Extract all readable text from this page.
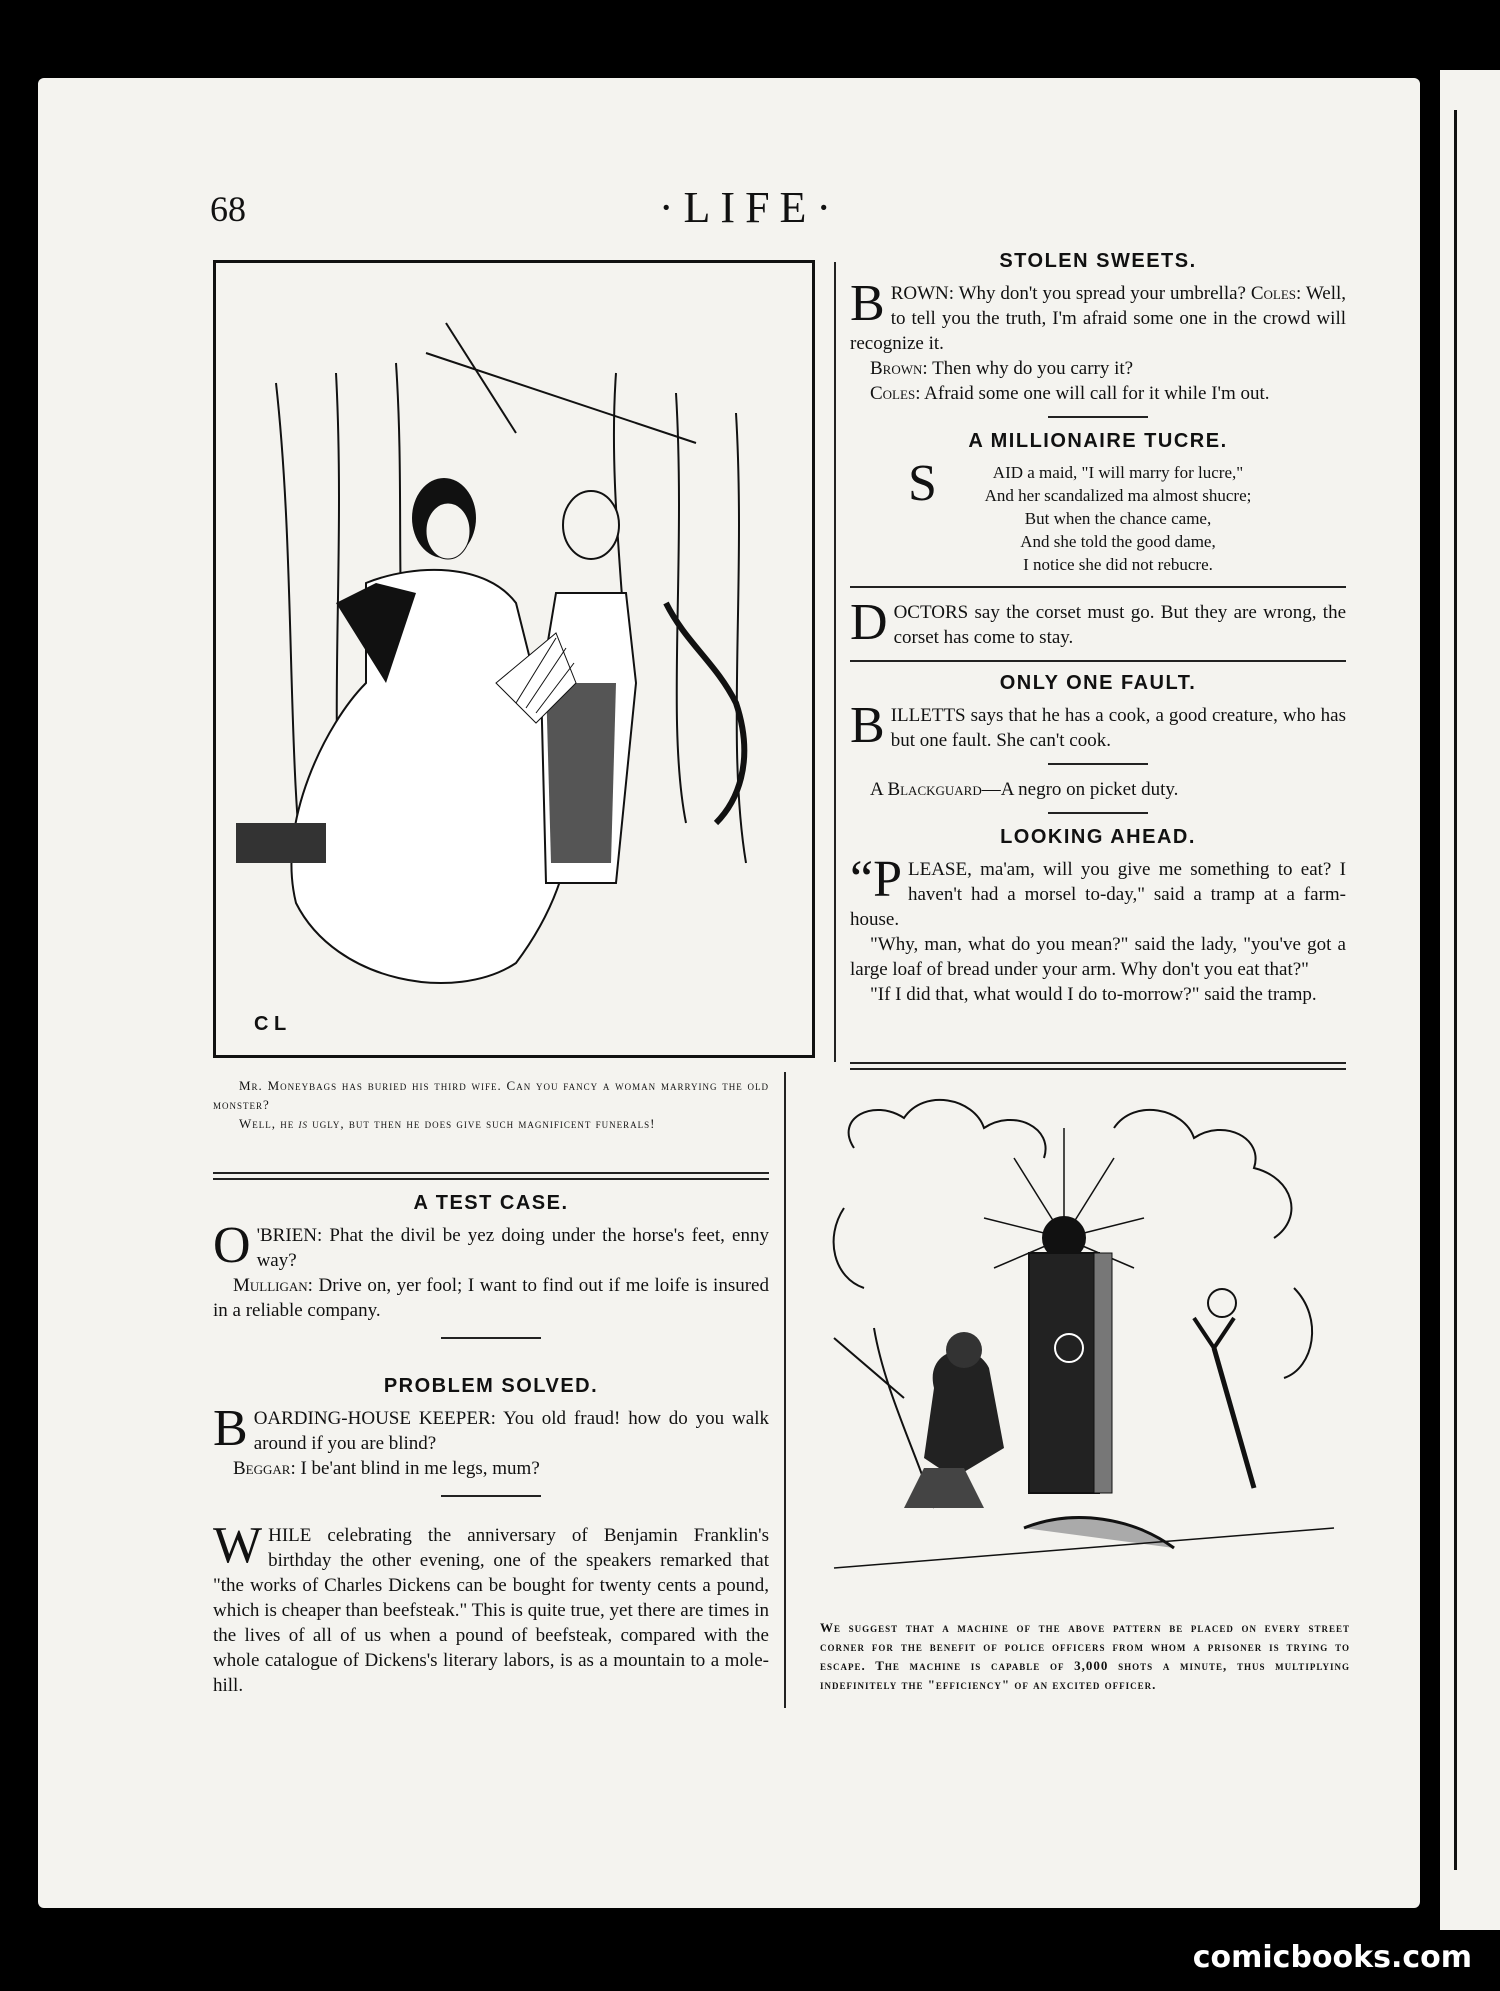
68	·LIFE·
C L
Mr. Moneybags has buried his third wife. Can you fancy a woman marrying the old monster?
Well, he is ugly, but then he does give such magnificent funerals!
A TEST CASE.

O 'BRIEN: Phat the divil be yez doing under the horse's feet, enny way?

Mulligan: Drive on, yer fool; I want to find out if me loife is insured in a reliable company.

PROBLEM SOLVED.

BOARDING-HOUSE KEEPER: You old fraud! how do you walk around if you are blind?

Beggar: I be'ant blind in me legs, mum?

WHILE celebrating the anniversary of Benjamin Franklin's birthday the other evening, one of the speakers remarked that "the works of Charles Dickens can be bought for twenty cents a pound, which is cheaper than beefsteak." This is quite true, yet there are times in the lives of all of us when a pound of beefsteak, compared with the whole catalogue of Dickens's literary labors, is as a mountain to a mole-hill.

STOLEN SWEETS.

BROWN: Why don't you spread your umbrella? Coles: Well, to tell you the truth, I'm afraid some one in the crowd will recognize it.

Brown: Then why do you carry it?

Coles: Afraid some one will call for it while I'm out.

A MILLIONAIRE TUCRE.
S	AID a maid, "I will marry for lucre,"
And her scandalized ma almost shucre;
But when the chance came,
And she told the good dame,
I notice she did not rebucre.

DOCTORS say the corset must go. But they are wrong, the corset has come to stay.

ONLY ONE FAULT.

BILLETTS says that he has a cook, a good creature, who has but one fault. She can't cook.

A Blackguard—A negro on picket duty.

LOOKING AHEAD.

“PLEASE, ma'am, will you give me something to eat? I haven't had a morsel to-day," said a tramp at a farm-house.

"Why, man, what do you mean?" said the lady, "you've got a large loaf of bread under your arm. Why don't you eat that?"

"If I did that, what would I do to-morrow?" said the tramp.

We suggest that a machine of the above pattern be placed on every street corner for the benefit of police officers from whom a prisoner is trying to escape. The machine is capable of 3,000 shots a minute, thus multiplying indefinitely the "efficiency" of an excited officer.
comicbooks.com
